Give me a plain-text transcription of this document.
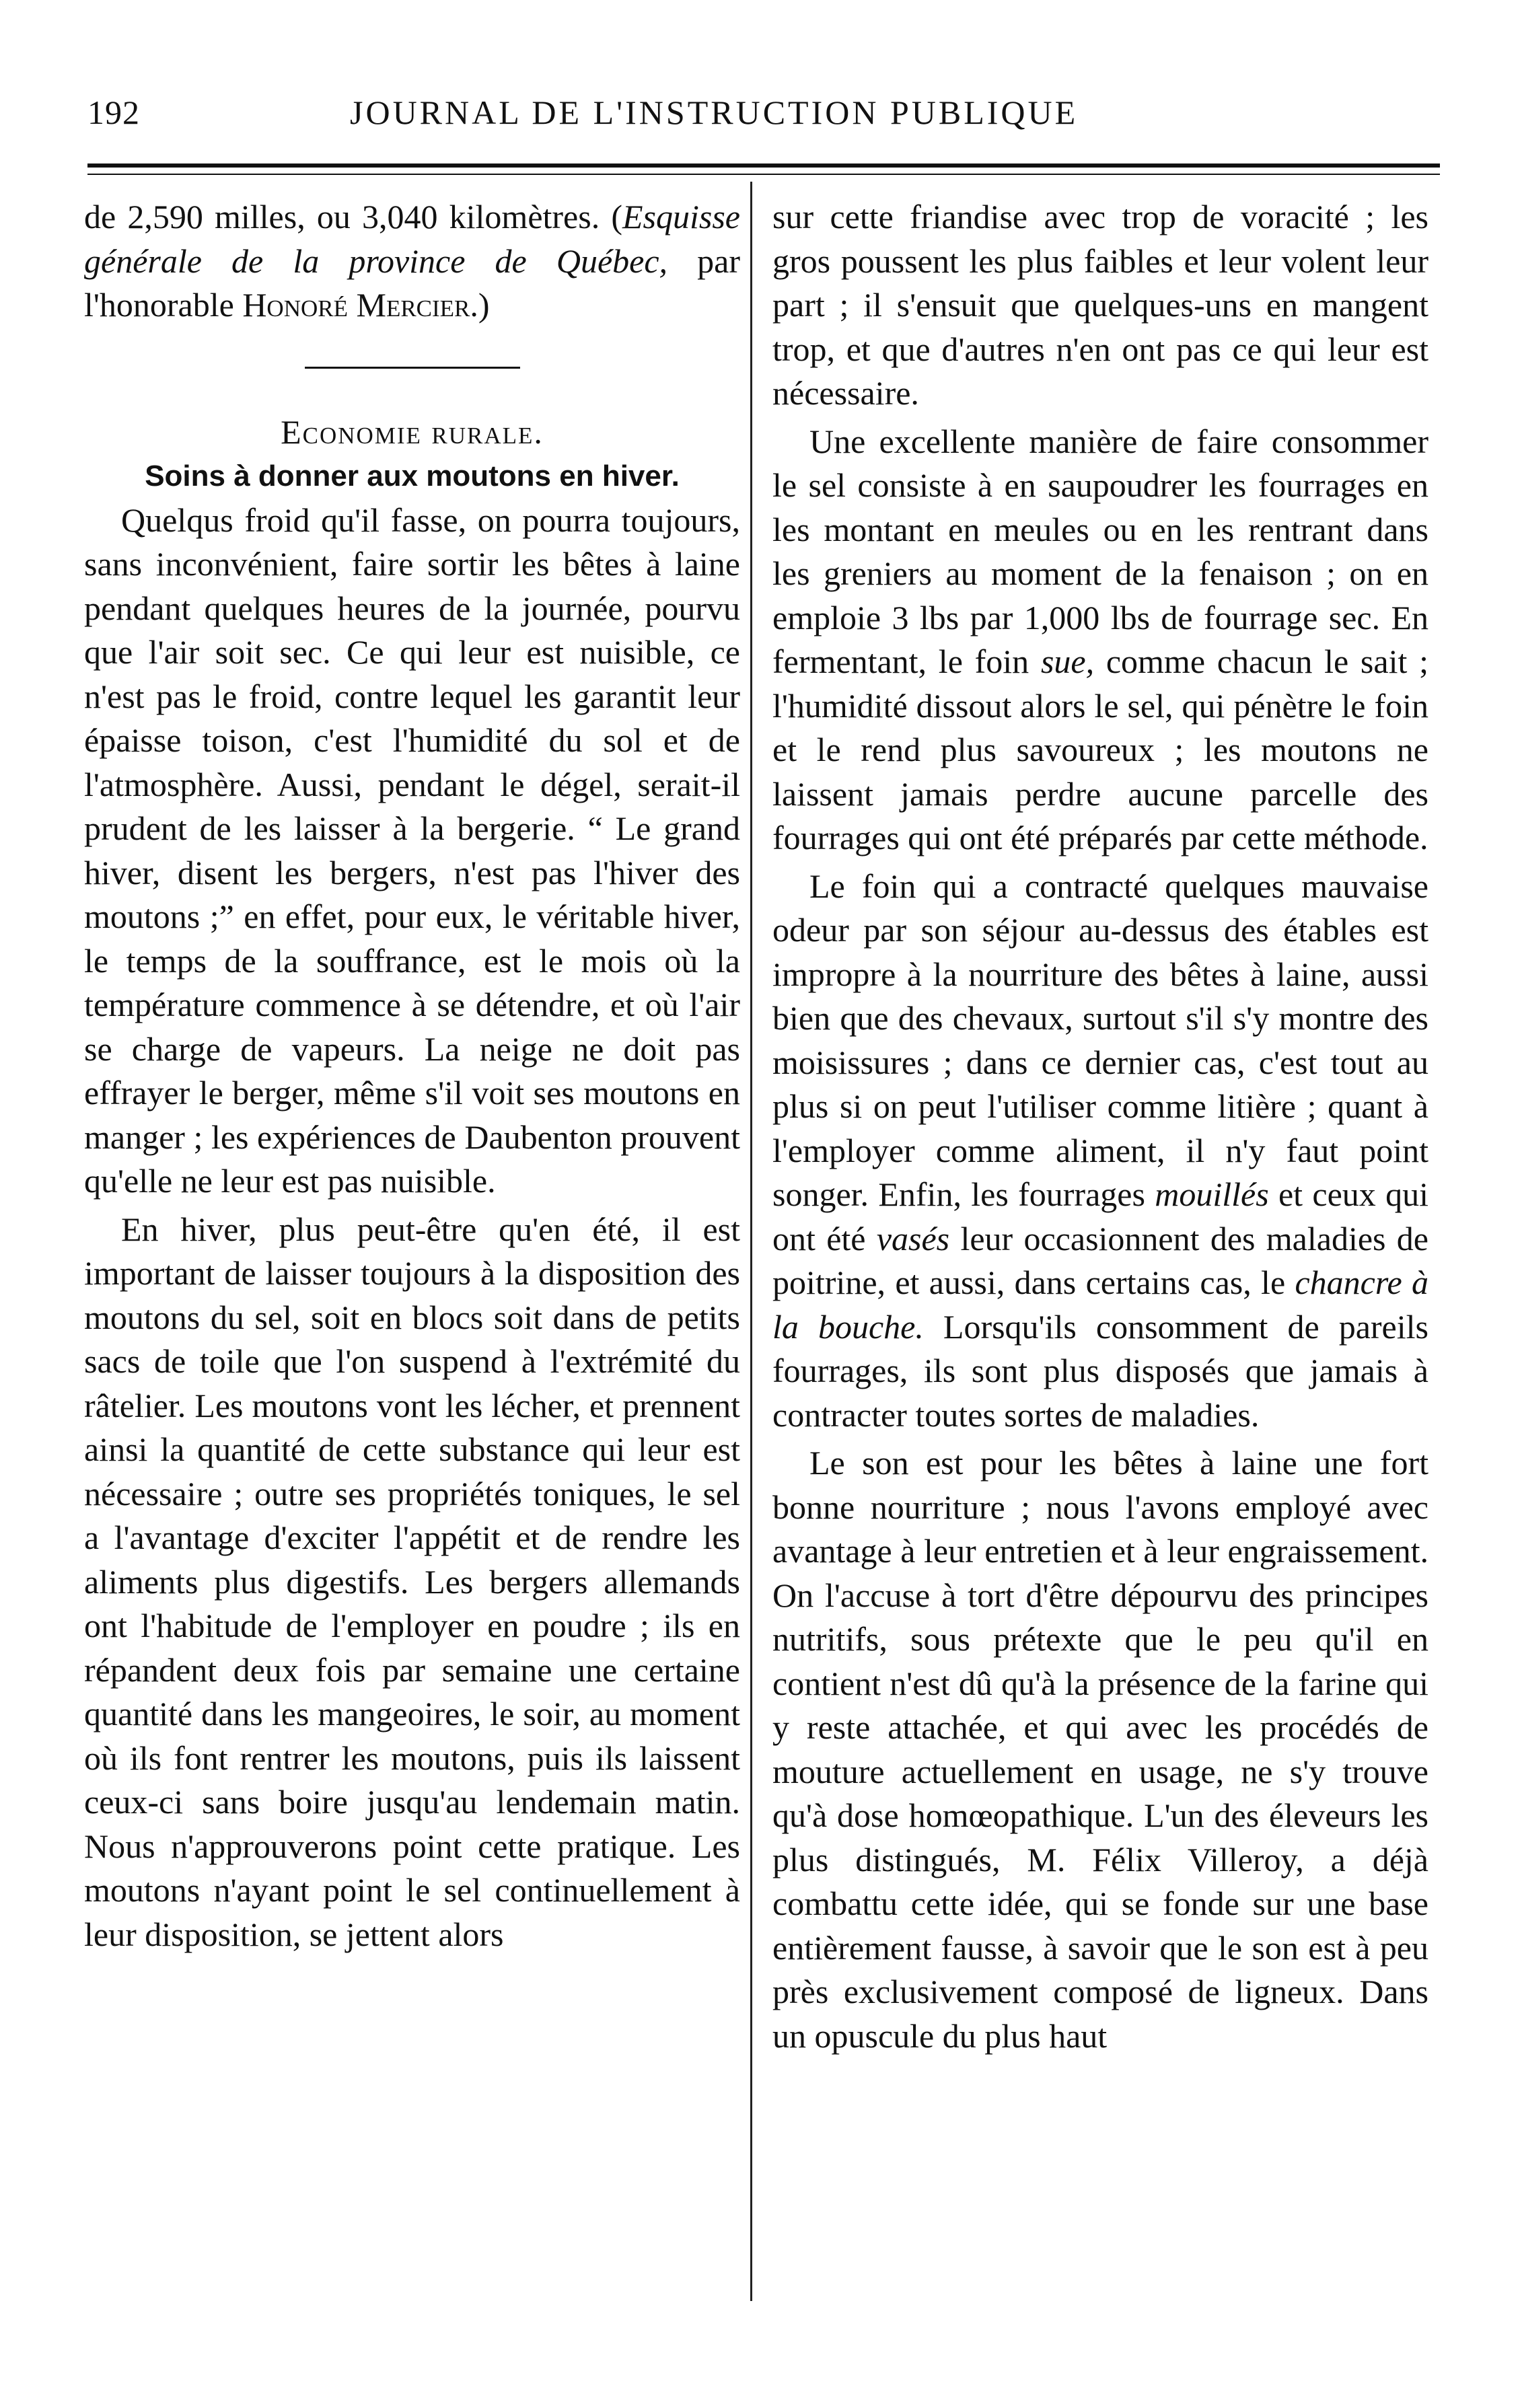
192	JOURNAL DE L'INSTRUCTION PUBLIQUE

de 2,590 milles, ou 3,040 kilomètres. (Esquisse générale de la province de Québec, par l'honorable Honoré Mercier.)

Economie rurale.

Soins à donner aux moutons en hiver.

Quelqus froid qu'il fasse, on pourra toujours, sans inconvénient, faire sortir les bêtes à laine pendant quelques heures de la journée, pourvu que l'air soit sec. Ce qui leur est nuisible, ce n'est pas le froid, contre lequel les garantit leur épaisse toison, c'est l'humidité du sol et de l'atmosphère. Aussi, pendant le dégel, serait-il prudent de les laisser à la bergerie. “ Le grand hiver, disent les bergers, n'est pas l'hiver des moutons ;” en effet, pour eux, le véritable hiver, le temps de la souffrance, est le mois où la température commence à se détendre, et où l'air se charge de vapeurs. La neige ne doit pas effrayer le berger, même s'il voit ses moutons en manger ; les expériences de Daubenton prouvent qu'elle ne leur est pas nuisible.

En hiver, plus peut-être qu'en été, il est important de laisser toujours à la disposition des moutons du sel, soit en blocs soit dans de petits sacs de toile que l'on suspend à l'extrémité du râtelier. Les moutons vont les lécher, et prennent ainsi la quantité de cette substance qui leur est nécessaire ; outre ses propriétés toniques, le sel a l'avantage d'exciter l'appétit et de rendre les aliments plus digestifs. Les bergers allemands ont l'habitude de l'employer en poudre ; ils en répandent deux fois par semaine une certaine quantité dans les mangeoires, le soir, au moment où ils font rentrer les moutons, puis ils laissent ceux-ci sans boire jusqu'au lendemain matin. Nous n'approuverons point cette pratique. Les moutons n'ayant point le sel continuellement à leur disposition, se jettent alors

sur cette friandise avec trop de voracité ; les gros poussent les plus faibles et leur volent leur part ; il s'ensuit que quelques-uns en mangent trop, et que d'autres n'en ont pas ce qui leur est nécessaire.

Une excellente manière de faire consommer le sel consiste à en saupoudrer les fourrages en les montant en meules ou en les rentrant dans les greniers au moment de la fenaison ; on en emploie 3 lbs par 1,000 lbs de fourrage sec. En fermentant, le foin sue, comme chacun le sait ; l'humidité dissout alors le sel, qui pénètre le foin et le rend plus savoureux ; les moutons ne laissent jamais perdre aucune parcelle des fourrages qui ont été préparés par cette méthode.

Le foin qui a contracté quelques mauvaise odeur par son séjour au-dessus des étables est impropre à la nourriture des bêtes à laine, aussi bien que des chevaux, surtout s'il s'y montre des moisissures ; dans ce dernier cas, c'est tout au plus si on peut l'utiliser comme litière ; quant à l'employer comme aliment, il n'y faut point songer. Enfin, les fourrages mouillés et ceux qui ont été vasés leur occasionnent des maladies de poitrine, et aussi, dans certains cas, le chancre à la bouche. Lorsqu'ils consomment de pareils fourrages, ils sont plus disposés que jamais à contracter toutes sortes de maladies.

Le son est pour les bêtes à laine une fort bonne nourriture ; nous l'avons employé avec avantage à leur entretien et à leur engraissement. On l'accuse à tort d'être dépourvu des principes nutritifs, sous prétexte que le peu qu'il en contient n'est dû qu'à la présence de la farine qui y reste attachée, et qui avec les procédés de mouture actuellement en usage, ne s'y trouve qu'à dose homœopathique. L'un des éleveurs les plus distingués, M. Félix Villeroy, a déjà combattu cette idée, qui se fonde sur une base entièrement fausse, à savoir que le son est à peu près exclusivement composé de ligneux. Dans un opuscule du plus haut
